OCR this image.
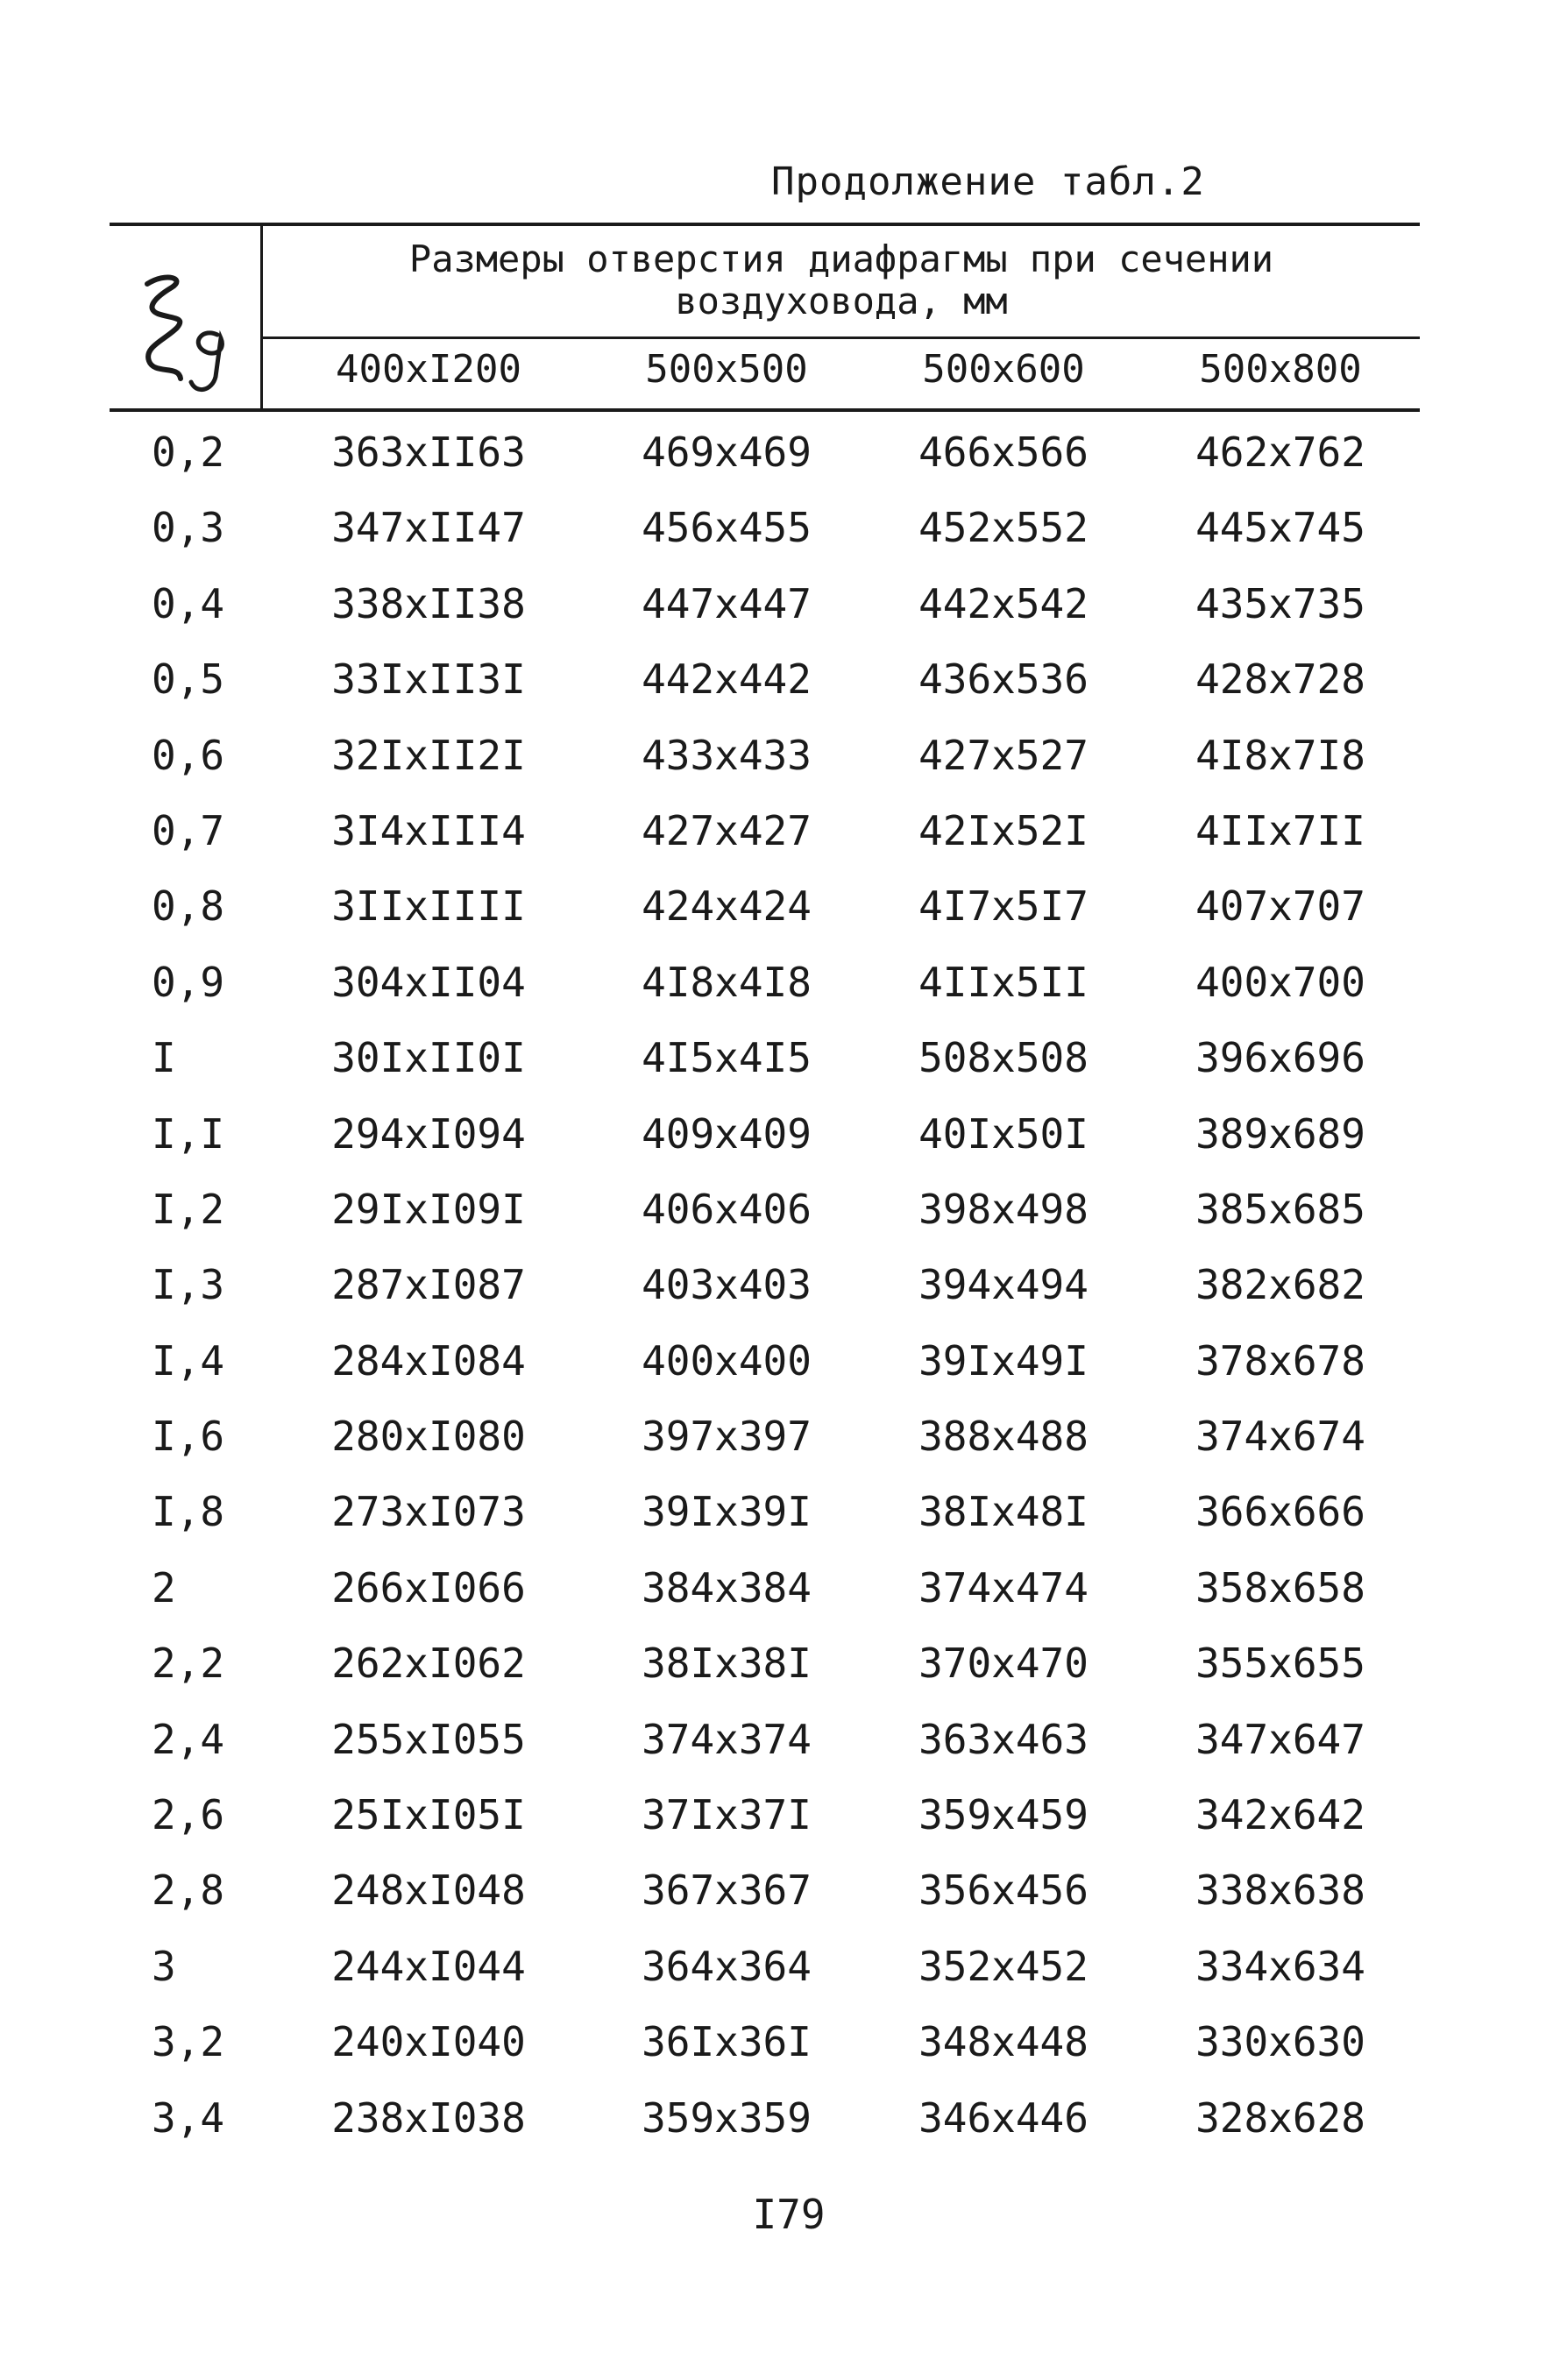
Продолжение табл.2
Размеры отверстия диафрагмы при сечении
воздуховода, мм
400xI200	500x500	500x600	500x800
0,2	363xII63	469x469	466x566	462x762
0,3	347xII47	456x455	452x552	445x745
0,4	338xII38	447x447	442x542	435x735
0,5	33IxII3I	442x442	436x536	428x728
0,6	32IxII2I	433x433	427x527	4I8x7I8
0,7	3I4xIII4	427x427	42Ix52I	4IIx7II
0,8	3IIxIIII	424x424	4I7x5I7	407x707
0,9	304xII04	4I8x4I8	4IIx5II	400x700
I	30IxII0I	4I5x4I5	508x508	396x696
I,I	294xI094	409x409	40Ix50I	389x689
I,2	29IxI09I	406x406	398x498	385x685
I,3	287xI087	403x403	394x494	382x682
I,4	284xI084	400x400	39Ix49I	378x678
I,6	280xI080	397x397	388x488	374x674
I,8	273xI073	39Ix39I	38Ix48I	366x666
2	266xI066	384x384	374x474	358x658
2,2	262xI062	38Ix38I	370x470	355x655
2,4	255xI055	374x374	363x463	347x647
2,6	25IxI05I	37Ix37I	359x459	342x642
2,8	248xI048	367x367	356x456	338x638
3	244xI044	364x364	352x452	334x634
3,2	240xI040	36Ix36I	348x448	330x630
3,4	238xI038	359x359	346x446	328x628
I79
